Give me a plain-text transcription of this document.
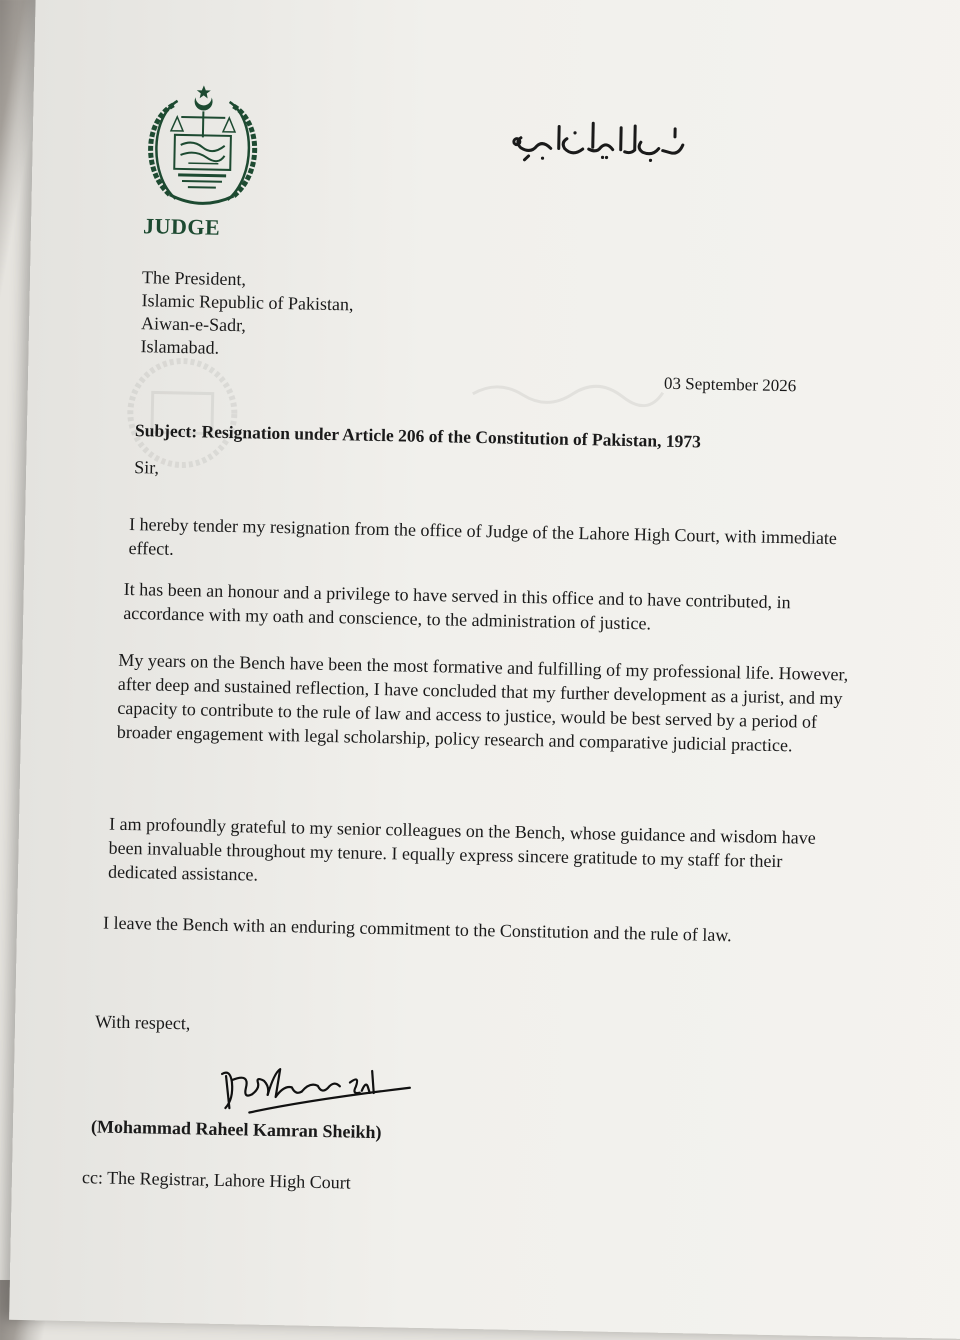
JUDGE
The President,
Islamic Republic of Pakistan,
Aiwan-e-Sadr,
Islamabad.
03 September 2026
Subject: Resignation under Article 206 of the Constitution of Pakistan, 1973
Sir,
I hereby tender my resignation from the office of Judge of the Lahore High Court, with immediate effect.
It has been an honour and a privilege to have served in this office and to have contributed, in accordance with my oath and conscience, to the administration of justice.
My years on the Bench have been the most formative and fulfilling of my professional life. However, after deep and sustained reflection, I have concluded that my further development as a jurist, and my capacity to contribute to the rule of law and access to justice, would be best served by a period of broader engagement with legal scholarship, policy research and comparative judicial practice.
I am profoundly grateful to my senior colleagues on the Bench, whose guidance and wisdom have been invaluable throughout my tenure. I equally express sincere gratitude to my staff for their dedicated assistance.
I leave the Bench with an enduring commitment to the Constitution and the rule of law.
With respect,
(Mohammad Raheel Kamran Sheikh)
cc: The Registrar, Lahore High Court
